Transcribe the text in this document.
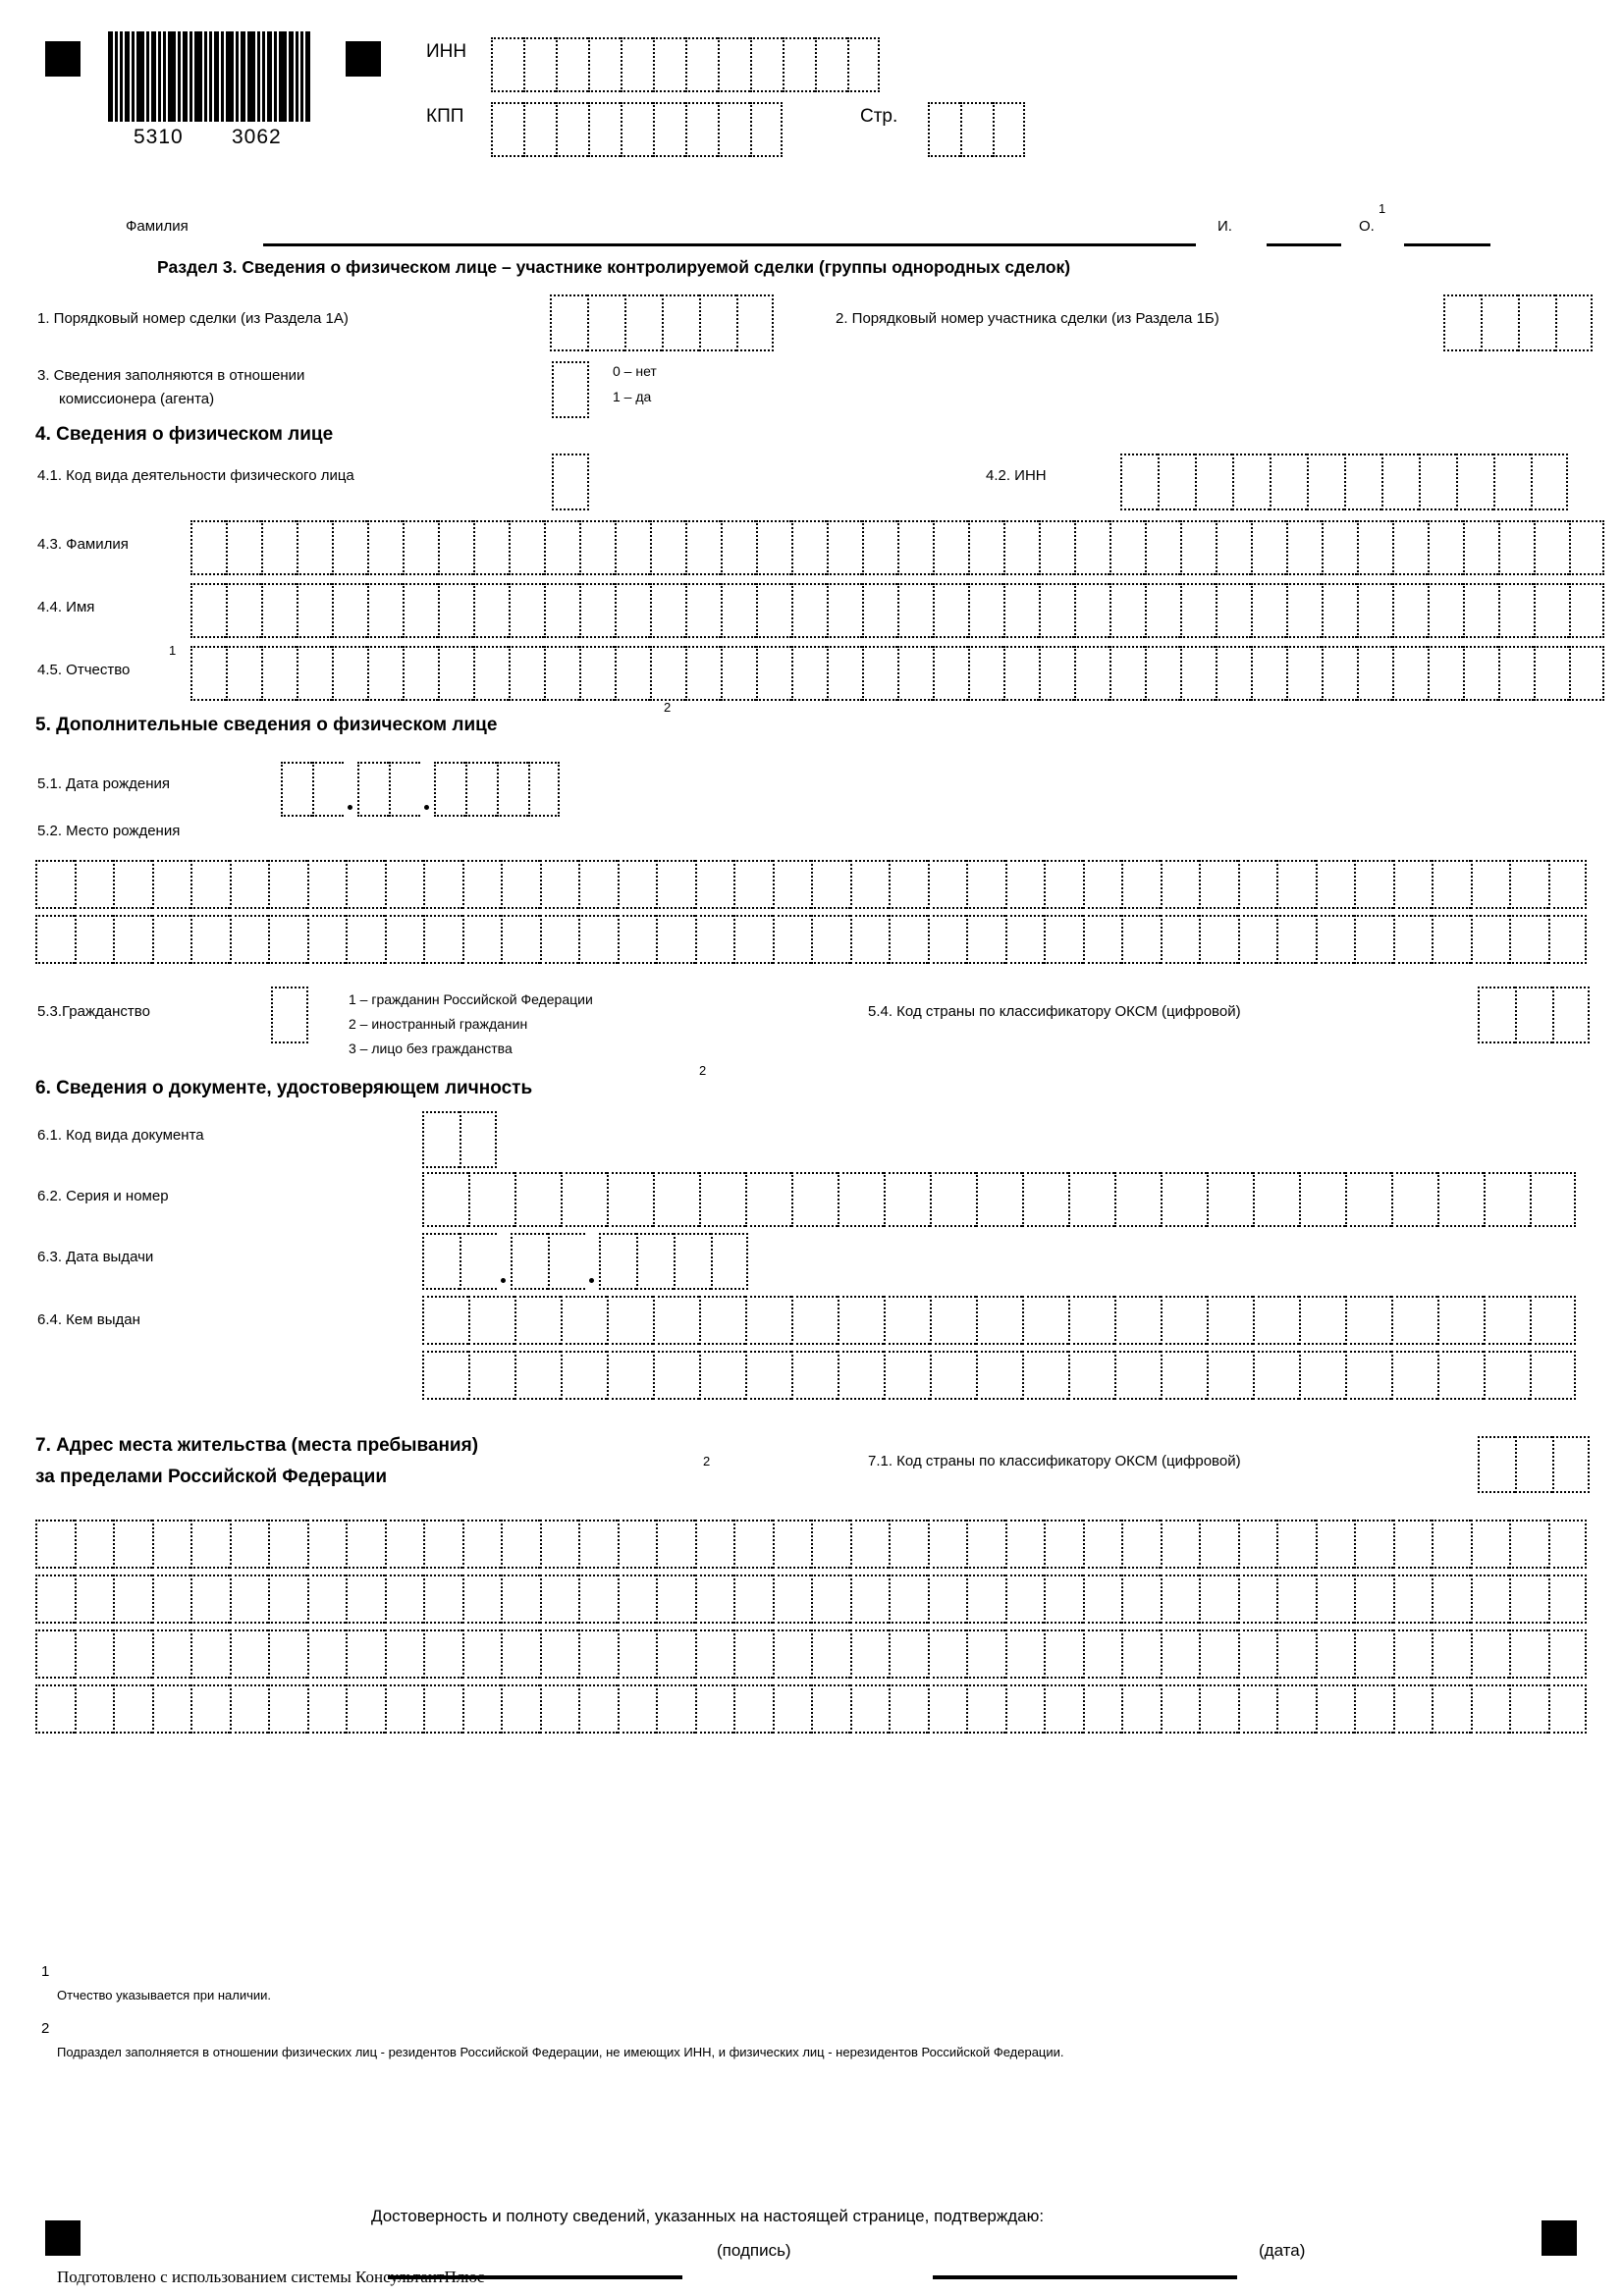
5310 3062
ИНН
КПП	Стр.
Фамилия	И.	О.
1
Раздел 3. Сведения о физическом лице – участнике контролируемой сделки (группы однородных сделок)
1. Порядковый номер сделки (из Раздела 1А)	2. Порядковый номер участника сделки (из Раздела 1Б)
3. Сведения заполняются в отношении
комиссионера (агента)
0 – нет
1 – да
4. Сведения о физическом лице
4.1. Код вида деятельности физического лица	4.2. ИНН
4.3. Фамилия
4.4. Имя
4.5. Отчество
1
5. Дополнительные сведения о физическом лице
2
5.1. Дата рождения
5.2. Место рождения
5.3.Гражданство
1 – гражданин Российской Федерации
2 – иностранный гражданин
3 – лицо без гражданства
5.4. Код страны по классификатору ОКСМ (цифровой)
6. Сведения о документе, удостоверяющем личность
2
6.1. Код вида документа
6.2. Серия и номер
6.3. Дата выдачи
6.4. Кем выдан
7. Адрес места жительства (места пребывания)
за пределами Российской Федерации
2	7.1. Код страны по классификатору ОКСМ (цифровой)
1
Отчество указывается при наличии.
2
Подраздел заполняется в отношении физических лиц - резидентов Российской Федерации, не имеющих ИНН, и физических лиц - нерезидентов Российской Федерации.
Достоверность и полноту сведений, указанных на настоящей странице, подтверждаю:
(подпись)	(дата)
Подготовлено с использованием системы КонсультантПлюс
